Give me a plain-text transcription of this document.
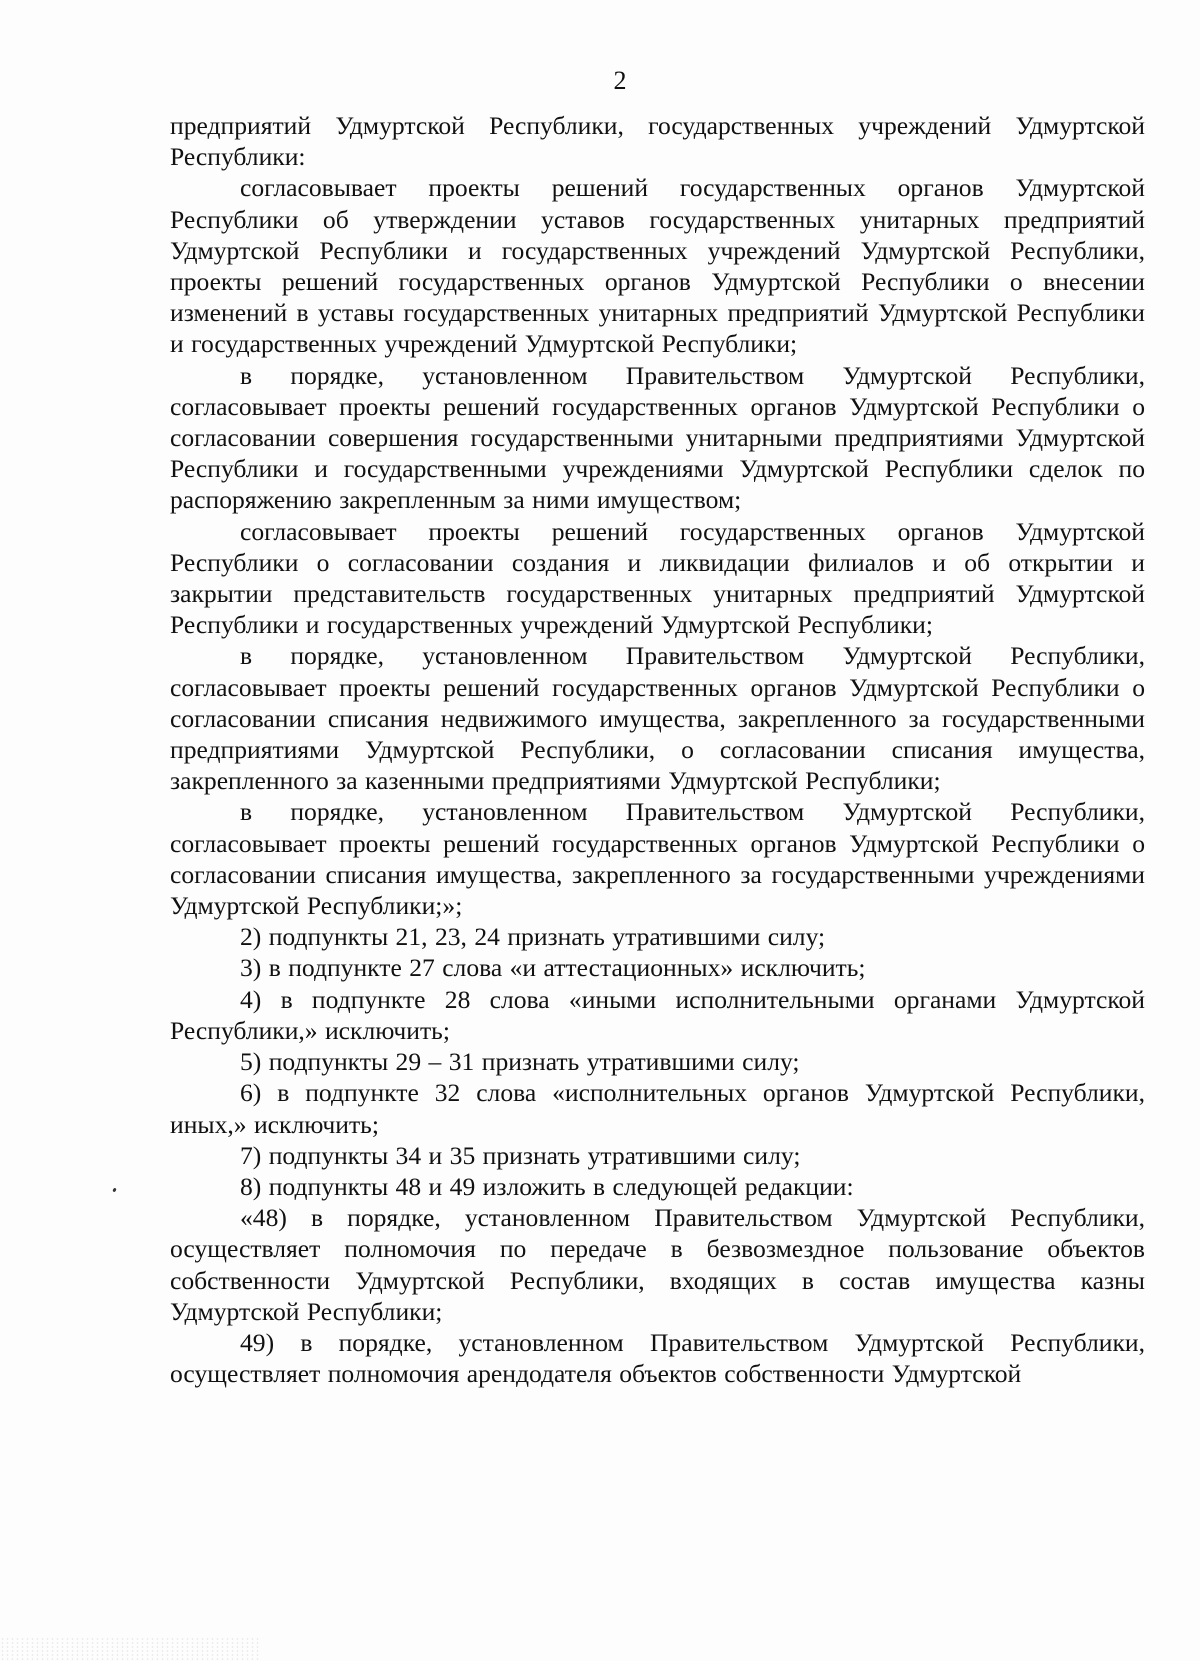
2

предприятий Удмуртской Республики, государственных учреждений Удмуртской Республики:

согласовывает проекты решений государственных органов Удмуртской Республики об утверждении уставов государственных унитарных предприятий Удмуртской Республики и государственных учреждений Удмуртской Республики, проекты решений государственных органов Удмуртской Республики о внесении изменений в уставы государственных унитарных предприятий Удмуртской Республики и государственных учреждений Удмуртской Республики;

в порядке, установленном Правительством Удмуртской Республики, согласовывает проекты решений государственных органов Удмуртской Республики о согласовании совершения государственными унитарными предприятиями Удмуртской Республики и государственными учреждениями Удмуртской Республики сделок по распоряжению закрепленным за ними имуществом;

согласовывает проекты решений государственных органов Удмуртской Республики о согласовании создания и ликвидации филиалов и об открытии и закрытии представительств государственных унитарных предприятий Удмуртской Республики и государственных учреждений Удмуртской Республики;

в порядке, установленном Правительством Удмуртской Республики, согласовывает проекты решений государственных органов Удмуртской Республики о согласовании списания недвижимого имущества, закрепленного за государственными предприятиями Удмуртской Республики, о согласовании списания имущества, закрепленного за казенными предприятиями Удмуртской Республики;

в порядке, установленном Правительством Удмуртской Республики, согласовывает проекты решений государственных органов Удмуртской Республики о согласовании списания имущества, закрепленного за государственными учреждениями Удмуртской Республики;»;

2) подпункты 21, 23, 24 признать утратившими силу;

3) в подпункте 27 слова «и аттестационных» исключить;

4) в подпункте 28 слова «иными исполнительными органами Удмуртской Республики,» исключить;

5) подпункты 29 – 31 признать утратившими силу;

6) в подпункте 32 слова «исполнительных органов Удмуртской Республики, иных,» исключить;

7) подпункты 34 и 35 признать утратившими силу;

8) подпункты 48 и 49 изложить в следующей редакции:

«48) в порядке, установленном Правительством Удмуртской Республики, осуществляет полномочия по передаче в безвозмездное пользование объектов собственности Удмуртской Республики, входящих в состав имущества казны Удмуртской Республики;

49) в порядке, установленном Правительством Удмуртской Республики, осуществляет полномочия арендодателя объектов собственности Удмуртской
